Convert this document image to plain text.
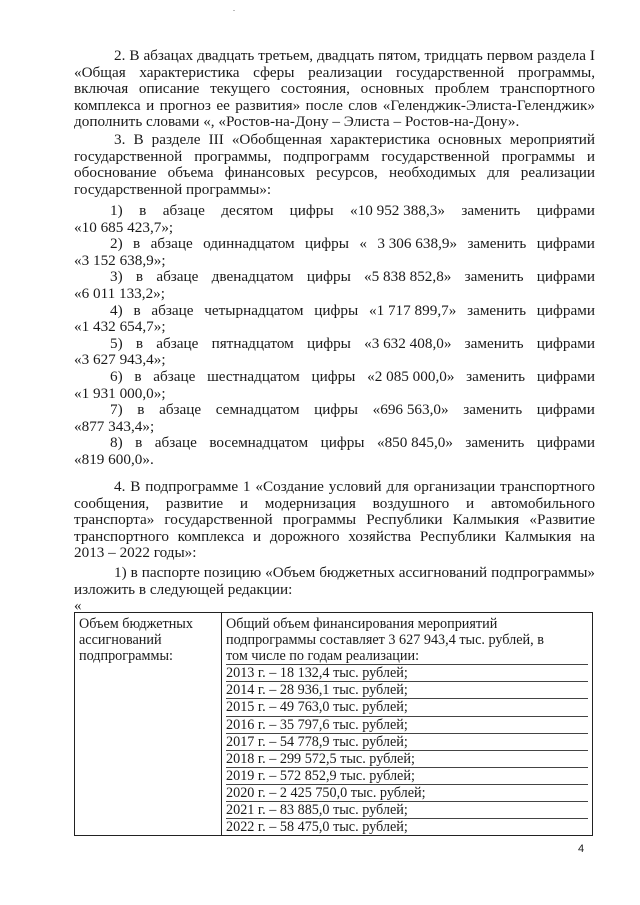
2. В абзацах двадцать третьем, двадцать пятом, тридцать первом раздела I
«Общая характеристика сферы реализации государственной программы,
включая описание текущего состояния, основных проблем транспортного
комплекса и прогноз ее развития» после слов «Геленджик-Элиста-Геленджик»
дополнить словами «, «Ростов-на-Дону – Элиста – Ростов-на-Дону».
3. В разделе III «Обобщенная характеристика основных мероприятий
государственной программы, подпрограмм государственной программы и
обоснование объема финансовых ресурсов, необходимых для реализации
государственной программы»:
1) в абзаце десятом цифры «10 952 388,3» заменить цифрами
«10 685 423,7»;
2) в абзаце одиннадцатом цифры « 3 306 638,9» заменить цифрами
«3 152 638,9»;
3) в абзаце двенадцатом цифры «5 838 852,8» заменить цифрами
«6 011 133,2»;
4) в абзаце четырнадцатом цифры «1 717 899,7» заменить цифрами
«1 432 654,7»;
5) в абзаце пятнадцатом цифры «3 632 408,0» заменить цифрами
«3 627 943,4»;
6) в абзаце шестнадцатом цифры «2 085 000,0» заменить цифрами
«1 931 000,0»;
7) в абзаце семнадцатом цифры «696 563,0» заменить цифрами
«877 343,4»;
8) в абзаце восемнадцатом цифры «850 845,0» заменить цифрами
«819 600,0».
4. В подпрограмме 1 «Создание условий для организации транспортного
сообщения, развитие и модернизация воздушного и автомобильного
транспорта» государственной программы Республики Калмыкия «Развитие
транспортного комплекса и дорожного хозяйства Республики Калмыкия на
2013 – 2022 годы»:
1) в паспорте позицию «Объем бюджетных ассигнований подпрограммы»
изложить в следующей редакции:
«
Объем бюджетных
ассигнований
подпрограммы:

Общий объем финансирования мероприятий
подпрограммы составляет 3 627 943,4 тыс. рублей, в
том числе по годам реализации:
2013 г. – 18 132,4 тыс. рублей;
2014 г. – 28 936,1 тыс. рублей;
2015 г. – 49 763,0 тыс. рублей;
2016 г. – 35 797,6 тыс. рублей;
2017 г. – 54 778,9 тыс. рублей;
2018 г. – 299 572,5 тыс. рублей;
2019 г. – 572 852,9 тыс. рублей;
2020 г. – 2 425 750,0 тыс. рублей;
2021 г. – 83 885,0 тыс. рублей;
2022 г. – 58 475,0 тыс. рублей;
4
